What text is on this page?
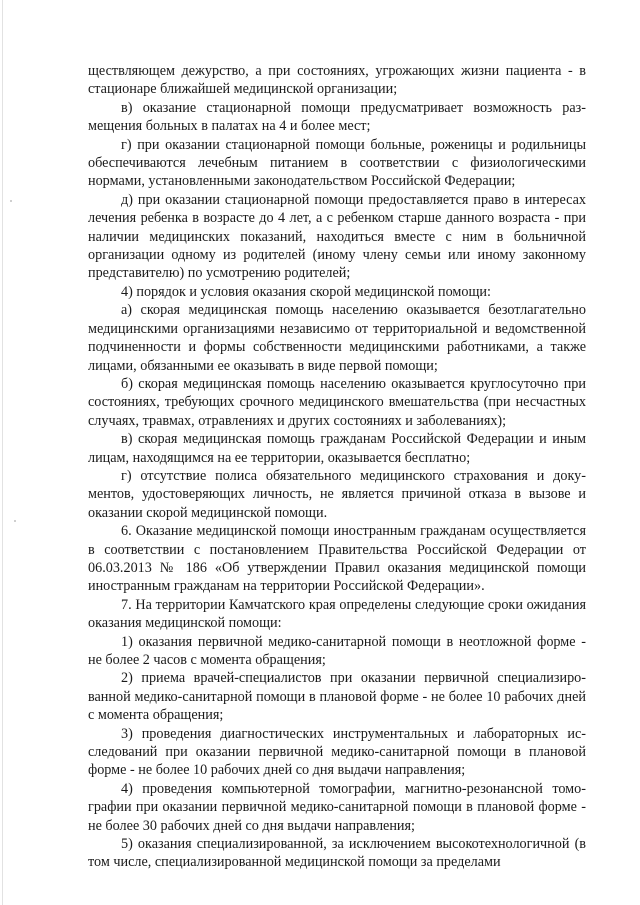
ществляющем дежурство, а при состояниях, угрожающих жизни пациента - в стационаре ближайшей медицинской организации;

в) оказание стационарной помощи предусматривает возможность размещения больных в палатах на 4 и более мест;

г) при оказании стационарной помощи больные, роженицы и родильницы обеспечиваются лечебным питанием в соответствии с физиологическими нормами, установленными законодательством Российской Федерации;

д) при оказании стационарной помощи предоставляется право в интересах лечения ребенка в возрасте до 4 лет, а с ребенком старше данного возраста - при наличии медицинских показаний, находиться вместе с ним в больничной организации одному из родителей (иному члену семьи или иному законному представителю) по усмотрению родителей;

4) порядок и условия оказания скорой медицинской помощи:

а) скорая медицинская помощь населению оказывается безотлагательно медицинскими организациями независимо от территориальной и ведомственной подчиненности и формы собственности медицинскими работниками, а также лицами, обязанными ее оказывать в виде первой помощи;

б) скорая медицинская помощь населению оказывается круглосуточно при состояниях, требующих срочного медицинского вмешательства (при несчастных случаях, травмах, отравлениях и других состояниях и заболеваниях);

в) скорая медицинская помощь гражданам Российской Федерации и иным лицам, находящимся на ее территории, оказывается бесплатно;

г) отсутствие полиса обязательного медицинского страхования и документов, удостоверяющих личность, не является причиной отказа в вызове и оказании скорой медицинской помощи.

6. Оказание медицинской помощи иностранным гражданам осуществляется в соответствии с постановлением Правительства Российской Федерации от 06.03.2013 № 186 «Об утверждении Правил оказания медицинской помощи иностранным гражданам на территории Российской Федерации».

7. На территории Камчатского края определены следующие сроки ожидания оказания медицинской помощи:

1) оказания первичной медико-санитарной помощи в неотложной форме - не более 2 часов с момента обращения;

2) приема врачей-специалистов при оказании первичной специализированной медико-санитарной помощи в плановой форме - не более 10 рабочих дней с момента обращения;

3) проведения диагностических инструментальных и лабораторных исследований при оказании первичной медико-санитарной помощи в плановой форме - не более 10 рабочих дней со дня выдачи направления;

4) проведения компьютерной томографии, магнитно-резонансной томографии при оказании первичной медико-санитарной помощи в плановой форме - не более 30 рабочих дней со дня выдачи направления;

5) оказания специализированной, за исключением высокотехнологичной (в том числе, специализированной медицинской помощи за пределами
